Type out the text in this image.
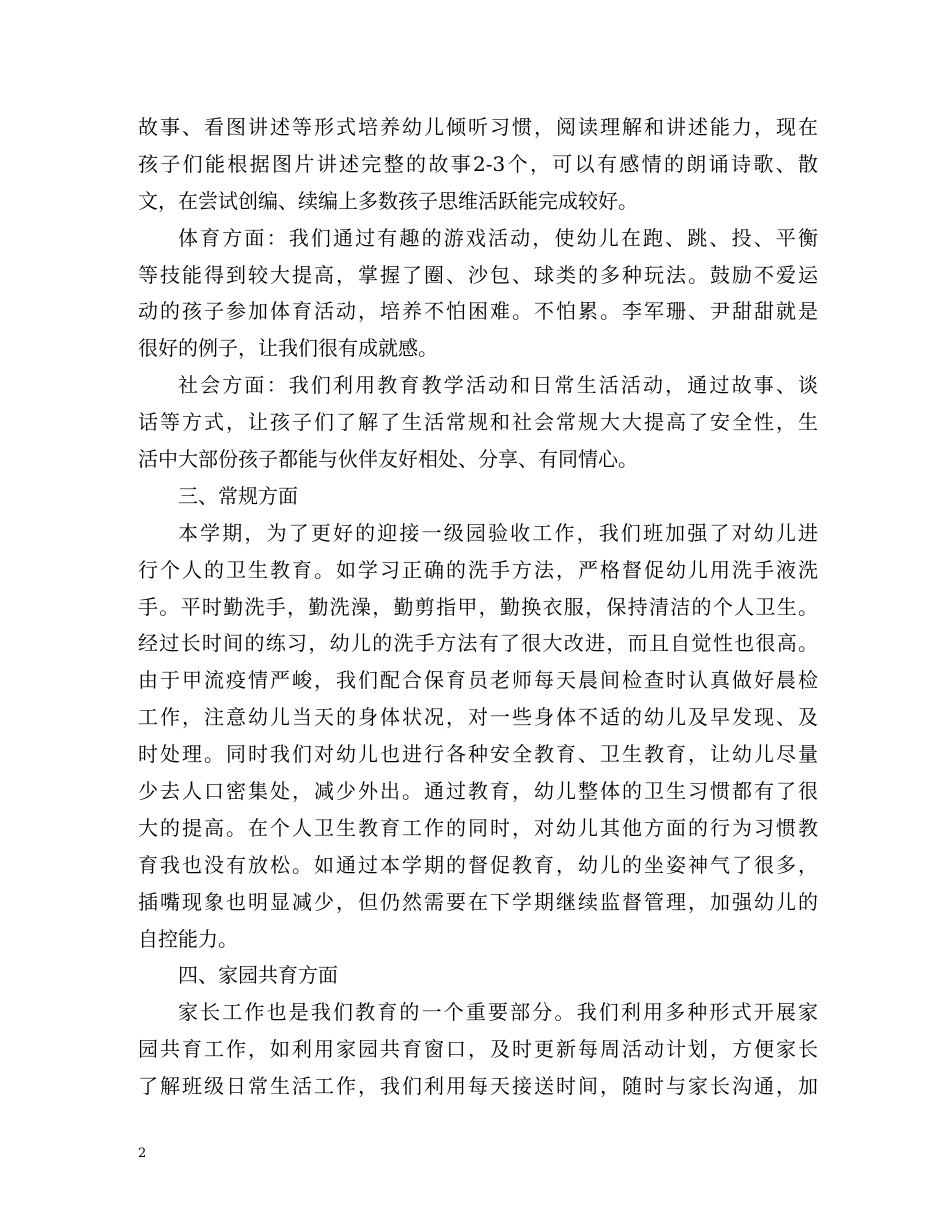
故事、看图讲述等形式培养幼儿倾听习惯，阅读理解和讲述能力，现在
孩子们能根据图片讲述完整的故事2-3个，可以有感情的朗诵诗歌、散
文，在尝试创编、续编上多数孩子思维活跃能完成较好。
体育方面：我们通过有趣的游戏活动，使幼儿在跑、跳、投、平衡
等技能得到较大提高，掌握了圈、沙包、球类的多种玩法。鼓励不爱运
动的孩子参加体育活动，培养不怕困难。不怕累。李军珊、尹甜甜就是
很好的例子，让我们很有成就感。
社会方面：我们利用教育教学活动和日常生活活动，通过故事、谈
话等方式，让孩子们了解了生活常规和社会常规大大提高了安全性，生
活中大部份孩子都能与伙伴友好相处、分享、有同情心。
三、常规方面
本学期，为了更好的迎接一级园验收工作，我们班加强了对幼儿进
行个人的卫生教育。如学习正确的洗手方法，严格督促幼儿用洗手液洗
手。平时勤洗手，勤洗澡，勤剪指甲，勤换衣服，保持清洁的个人卫生。
经过长时间的练习，幼儿的洗手方法有了很大改进，而且自觉性也很高。
由于甲流疫情严峻，我们配合保育员老师每天晨间检查时认真做好晨检
工作，注意幼儿当天的身体状况，对一些身体不适的幼儿及早发现、及
时处理。同时我们对幼儿也进行各种安全教育、卫生教育，让幼儿尽量
少去人口密集处，减少外出。通过教育，幼儿整体的卫生习惯都有了很
大的提高。在个人卫生教育工作的同时，对幼儿其他方面的行为习惯教
育我也没有放松。如通过本学期的督促教育，幼儿的坐姿神气了很多，
插嘴现象也明显减少，但仍然需要在下学期继续监督管理，加强幼儿的
自控能力。
四、家园共育方面
家长工作也是我们教育的一个重要部分。我们利用多种形式开展家
园共育工作，如利用家园共育窗口，及时更新每周活动计划，方便家长
了解班级日常生活工作，我们利用每天接送时间，随时与家长沟通，加
2
